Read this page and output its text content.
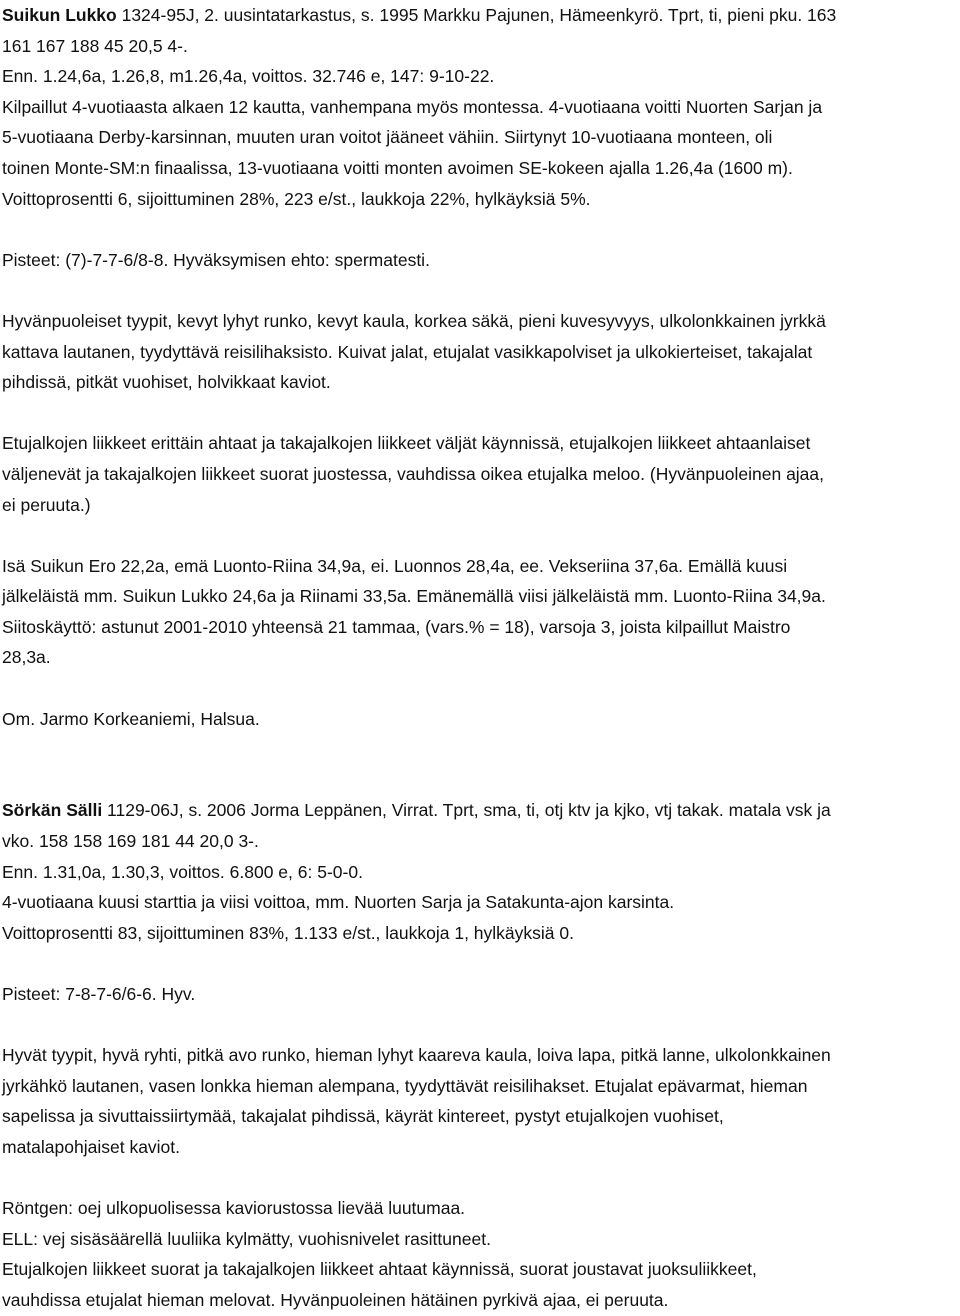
Suikun Lukko 1324-95J, 2. uusintatarkastus, s. 1995 Markku Pajunen, Hämeenkyrö. Tprt, ti, pieni pku. 163

161 167 188 45 20,5 4-.

Enn. 1.24,6a, 1.26,8, m1.26,4a, voittos. 32.746 e, 147: 9-10-22.

Kilpaillut 4-vuotiaasta alkaen 12 kautta, vanhempana myös montessa. 4-vuotiaana voitti Nuorten Sarjan ja

5-vuotiaana Derby-karsinnan, muuten uran voitot jääneet vähiin. Siirtynyt 10-vuotiaana monteen, oli

toinen Monte-SM:n finaalissa, 13-vuotiaana voitti monten avoimen SE-kokeen ajalla 1.26,4a (1600 m).

Voittoprosentti 6, sijoittuminen 28%, 223 e/st., laukkoja 22%, hylkäyksiä 5%.

Pisteet: (7)-7-7-6/8-8. Hyväksymisen ehto: spermatesti.

Hyvänpuoleiset tyypit, kevyt lyhyt runko, kevyt kaula, korkea säkä, pieni kuvesyvyys, ulkolonkkainen jyrkkä

kattava lautanen, tyydyttävä reisilihaksisto. Kuivat jalat, etujalat vasikkapolviset ja ulkokierteiset, takajalat

pihdissä, pitkät vuohiset, holvikkaat kaviot.

Etujalkojen liikkeet erittäin ahtaat ja takajalkojen liikkeet väljät käynnissä, etujalkojen liikkeet ahtaanlaiset

väljenevät ja takajalkojen liikkeet suorat juostessa, vauhdissa oikea etujalka meloo. (Hyvänpuoleinen ajaa,

ei peruuta.)

Isä Suikun Ero 22,2a, emä Luonto-Riina 34,9a, ei. Luonnos 28,4a, ee. Vekseriina 37,6a. Emällä kuusi

jälkeläistä mm. Suikun Lukko 24,6a ja Riinami 33,5a. Emänemällä viisi jälkeläistä mm. Luonto-Riina 34,9a.

Siitoskäyttö: astunut 2001-2010 yhteensä 21 tammaa, (vars.% = 18), varsoja 3, joista kilpaillut Maistro

28,3a.

Om. Jarmo Korkeaniemi, Halsua.

Sörkän Sälli 1129-06J, s. 2006 Jorma Leppänen, Virrat. Tprt, sma, ti, otj ktv ja kjko, vtj takak. matala vsk ja

vko. 158 158 169 181 44 20,0 3-.

Enn. 1.31,0a, 1.30,3, voittos. 6.800 e, 6: 5-0-0.

4-vuotiaana kuusi starttia ja viisi voittoa, mm. Nuorten Sarja ja Satakunta-ajon karsinta.

Voittoprosentti 83, sijoittuminen 83%, 1.133 e/st., laukkoja 1, hylkäyksiä 0.

Pisteet: 7-8-7-6/6-6. Hyv.

Hyvät tyypit, hyvä ryhti, pitkä avo runko, hieman lyhyt kaareva kaula, loiva lapa, pitkä lanne, ulkolonkkainen

jyrkähkö lautanen, vasen lonkka hieman alempana, tyydyttävät reisilihakset. Etujalat epävarmat, hieman

sapelissa ja sivuttaissiirtymää, takajalat pihdissä, käyrät kintereet, pystyt etujalkojen vuohiset,

matalapohjaiset kaviot.

Röntgen: oej ulkopuolisessa kaviorustossa lievää luutumaa.

ELL: vej sisäsäärellä luuliika kylmätty, vuohisnivelet rasittuneet.

Etujalkojen liikkeet suorat ja takajalkojen liikkeet ahtaat käynnissä, suorat joustavat juoksuliikkeet,

vauhdissa etujalat hieman melovat. Hyvänpuoleinen hätäinen pyrkivä ajaa, ei peruuta.
